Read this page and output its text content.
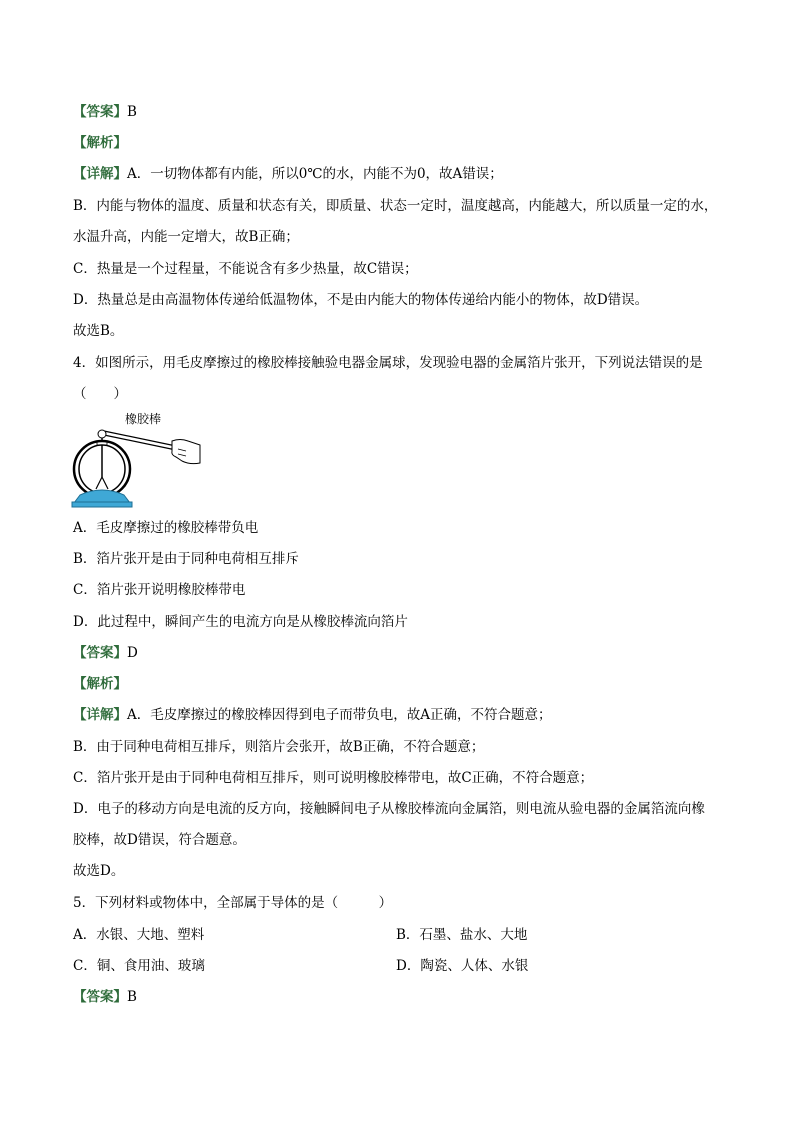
【答案】B
【解析】
【详解】A．一切物体都有内能，所以0℃的水，内能不为0，故A错误；
B．内能与物体的温度、质量和状态有关，即质量、状态一定时，温度越高，内能越大，所以质量一定的水，
水温升高，内能一定增大，故B正确；
C．热量是一个过程量，不能说含有多少热量，故C错误；
D．热量总是由高温物体传递给低温物体，不是由内能大的物体传递给内能小的物体，故D错误。
故选B。
4．如图所示，用毛皮摩擦过的橡胶棒接触验电器金属球，发现验电器的金属箔片张开，下列说法错误的是
（　　）
橡胶棒
A．毛皮摩擦过的橡胶棒带负电
B．箔片张开是由于同种电荷相互排斥
C．箔片张开说明橡胶棒带电
D．此过程中，瞬间产生的电流方向是从橡胶棒流向箔片
【答案】D
【解析】
【详解】A．毛皮摩擦过的橡胶棒因得到电子而带负电，故A正确，不符合题意；
B．由于同种电荷相互排斥，则箔片会张开，故B正确，不符合题意；
C．箔片张开是由于同种电荷相互排斥，则可说明橡胶棒带电，故C正确，不符合题意；
D．电子的移动方向是电流的反方向，接触瞬间电子从橡胶棒流向金属箔，则电流从验电器的金属箔流向橡
胶棒，故D错误，符合题意。
故选D。
5．下列材料或物体中，全部属于导体的是（　　　）
A．水银、大地、塑料	B．石墨、盐水、大地
C．铜、食用油、玻璃	D．陶瓷、人体、水银
【答案】B
